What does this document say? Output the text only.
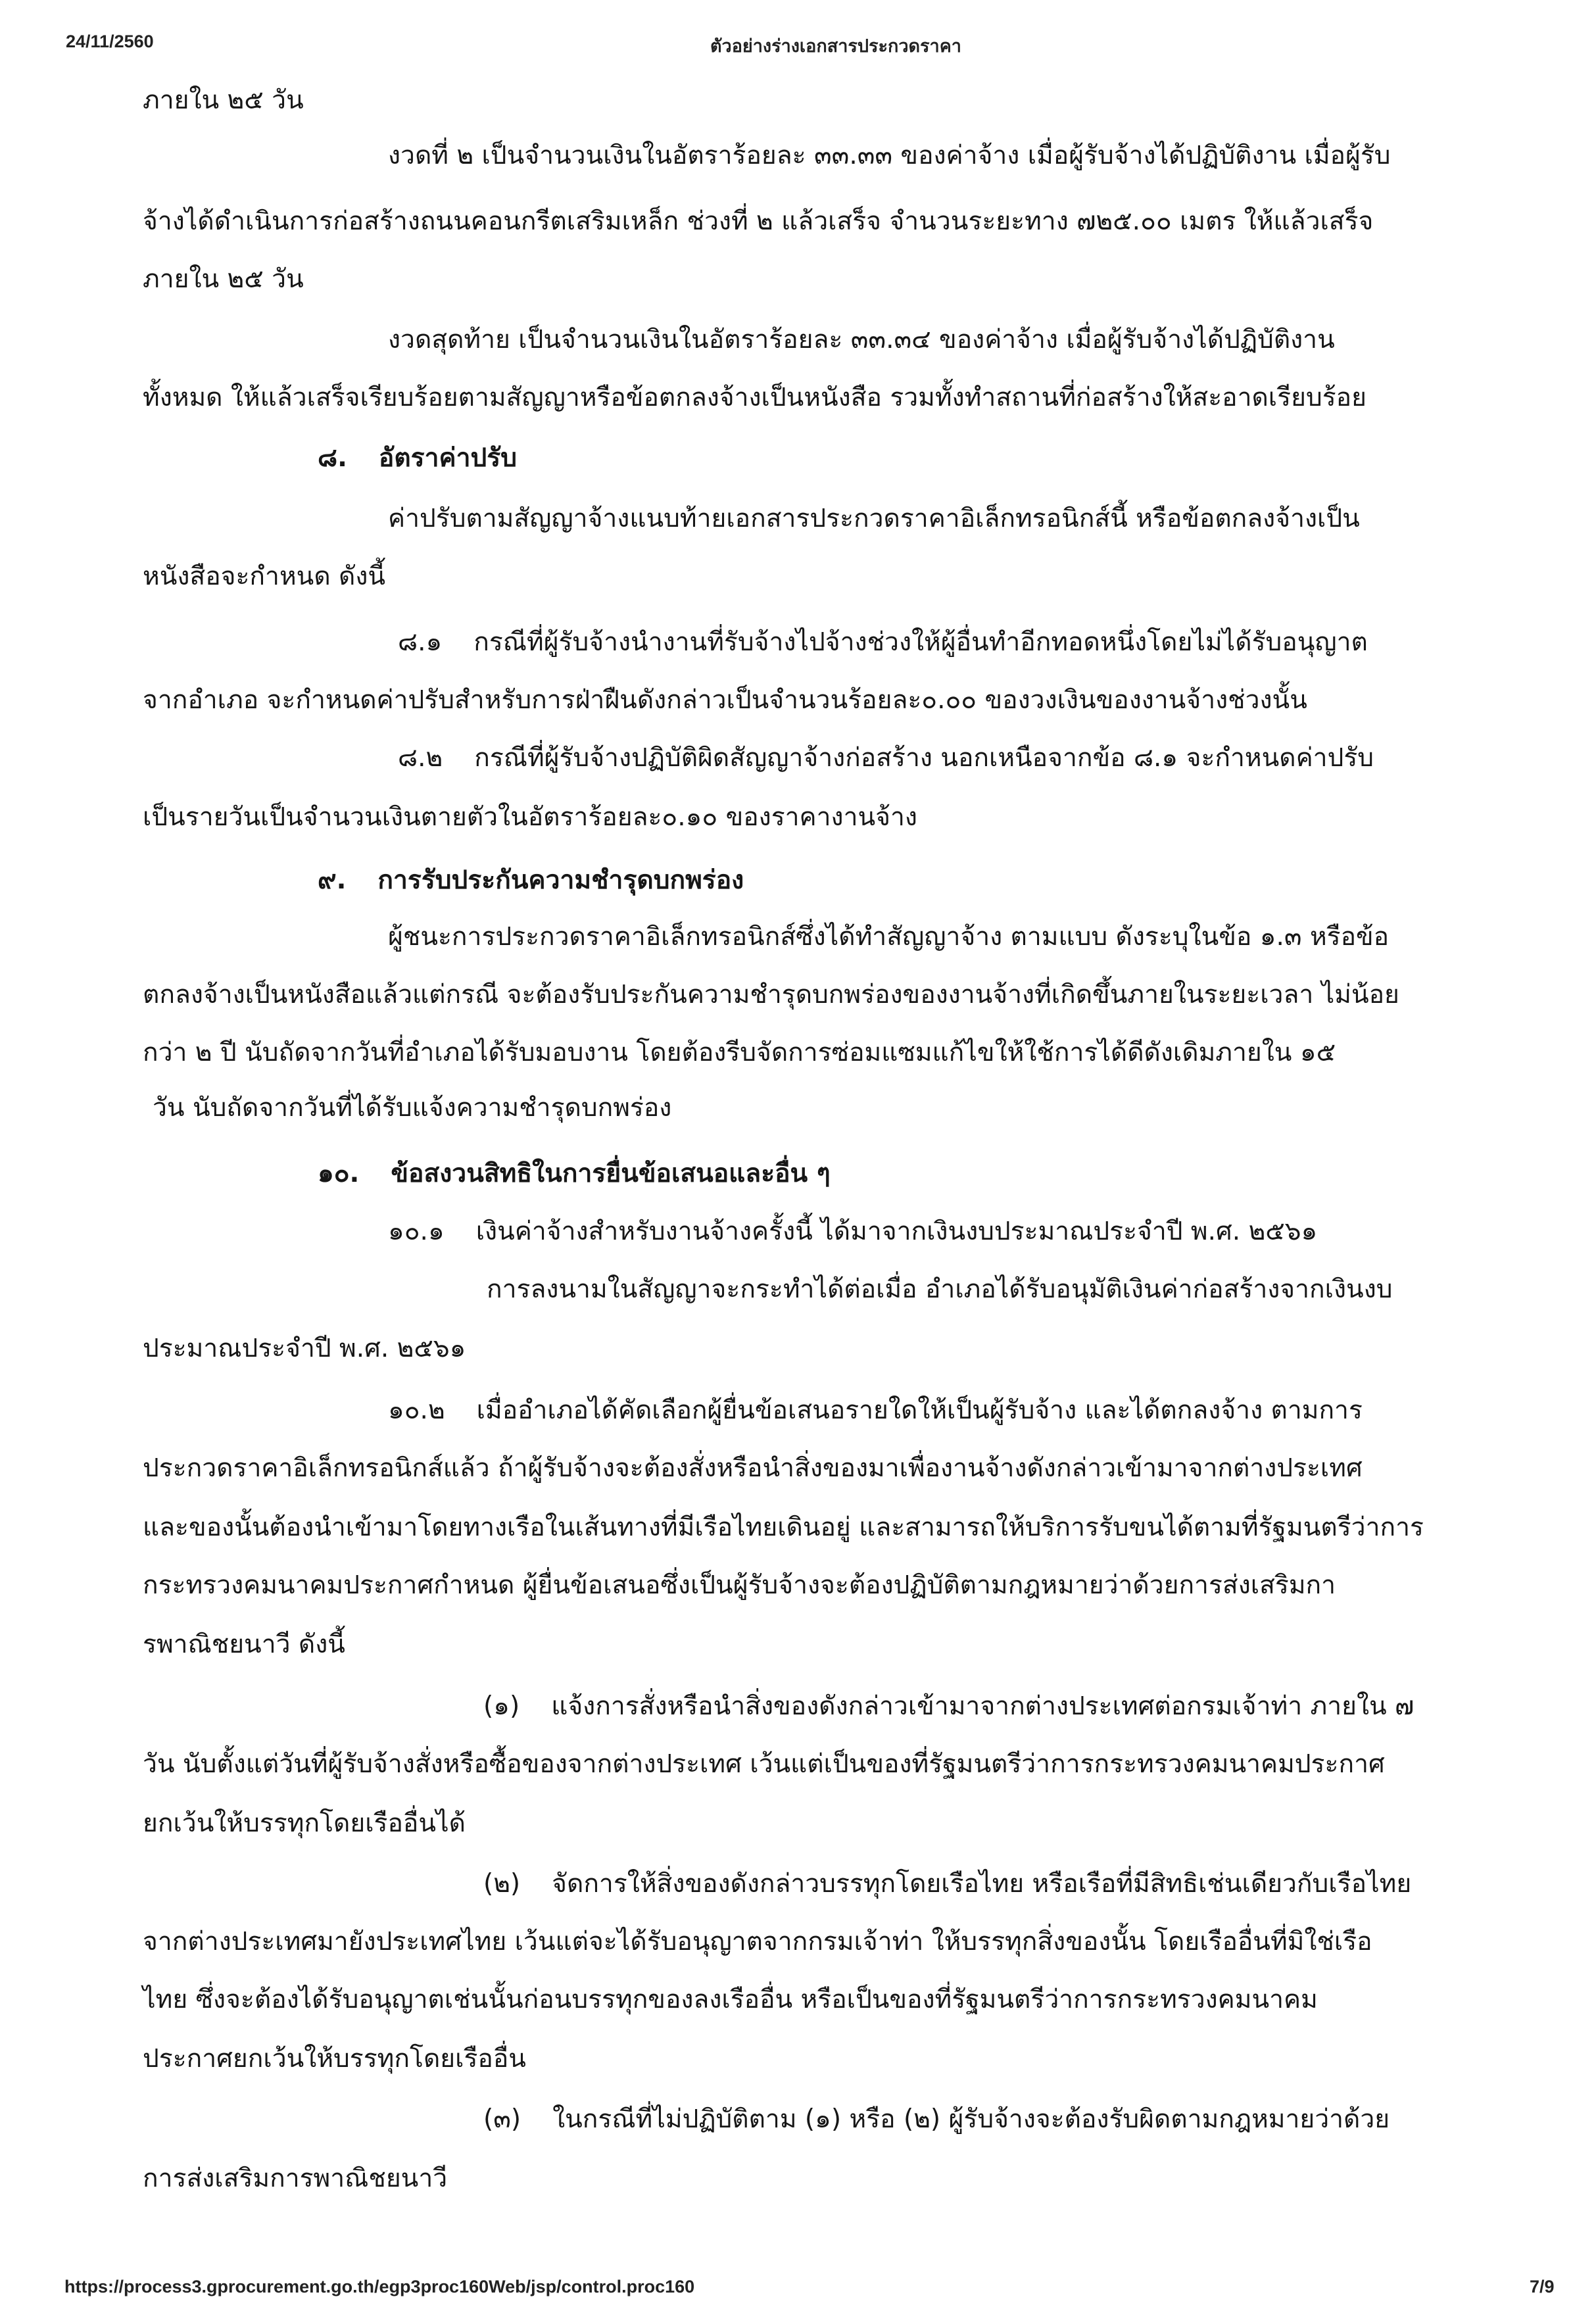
24/11/2560	ตัวอย่างร่างเอกสารประกวดราคา
ภายใน ๒๕ วัน
งวดที่ ๒ เป็นจำนวนเงินในอัตราร้อยละ ๓๓.๓๓ ของค่าจ้าง เมื่อผู้รับจ้างได้ปฏิบัติงาน เมื่อผู้รับ
จ้างได้ดำเนินการก่อสร้างถนนคอนกรีตเสริมเหล็ก ช่วงที่ ๒ แล้วเสร็จ จำนวนระยะทาง ๗๒๕.๐๐ เมตร ให้แล้วเสร็จ
ภายใน ๒๕ วัน
งวดสุดท้าย เป็นจำนวนเงินในอัตราร้อยละ ๓๓.๓๔ ของค่าจ้าง เมื่อผู้รับจ้างได้ปฏิบัติงาน
ทั้งหมด ให้แล้วเสร็จเรียบร้อยตามสัญญาหรือข้อตกลงจ้างเป็นหนังสือ รวมทั้งทำสถานที่ก่อสร้างให้สะอาดเรียบร้อย
๘. อัตราค่าปรับ
ค่าปรับตามสัญญาจ้างแนบท้ายเอกสารประกวดราคาอิเล็กทรอนิกส์นี้ หรือข้อตกลงจ้างเป็น
หนังสือจะกำหนด ดังนี้
๘.๑ กรณีที่ผู้รับจ้างนำงานที่รับจ้างไปจ้างช่วงให้ผู้อื่นทำอีกทอดหนึ่งโดยไม่ได้รับอนุญาต
จากอำเภอ จะกำหนดค่าปรับสำหรับการฝ่าฝืนดังกล่าวเป็นจำนวนร้อยละ๐.๐๐ ของวงเงินของงานจ้างช่วงนั้น
๘.๒ กรณีที่ผู้รับจ้างปฏิบัติผิดสัญญาจ้างก่อสร้าง นอกเหนือจากข้อ ๘.๑ จะกำหนดค่าปรับ
เป็นรายวันเป็นจำนวนเงินตายตัวในอัตราร้อยละ๐.๑๐ ของราคางานจ้าง
๙. การรับประกันความชำรุดบกพร่อง
ผู้ชนะการประกวดราคาอิเล็กทรอนิกส์ซึ่งได้ทำสัญญาจ้าง ตามแบบ ดังระบุในข้อ ๑.๓ หรือข้อ
ตกลงจ้างเป็นหนังสือแล้วแต่กรณี จะต้องรับประกันความชำรุดบกพร่องของงานจ้างที่เกิดขึ้นภายในระยะเวลา ไม่น้อย
กว่า ๒ ปี นับถัดจากวันที่อำเภอได้รับมอบงาน โดยต้องรีบจัดการซ่อมแซมแก้ไขให้ใช้การได้ดีดังเดิมภายใน ๑๕
วัน นับถัดจากวันที่ได้รับแจ้งความชำรุดบกพร่อง
๑๐. ข้อสงวนสิทธิในการยื่นข้อเสนอและอื่น ๆ
๑๐.๑ เงินค่าจ้างสำหรับงานจ้างครั้งนี้ ได้มาจากเงินงบประมาณประจำปี พ.ศ. ๒๕๖๑
การลงนามในสัญญาจะกระทำได้ต่อเมื่อ อำเภอได้รับอนุมัติเงินค่าก่อสร้างจากเงินงบ
ประมาณประจำปี พ.ศ. ๒๕๖๑
๑๐.๒ เมื่ออำเภอได้คัดเลือกผู้ยื่นข้อเสนอรายใดให้เป็นผู้รับจ้าง และได้ตกลงจ้าง ตามการ
ประกวดราคาอิเล็กทรอนิกส์แล้ว ถ้าผู้รับจ้างจะต้องสั่งหรือนำสิ่งของมาเพื่องานจ้างดังกล่าวเข้ามาจากต่างประเทศ
และของนั้นต้องนำเข้ามาโดยทางเรือในเส้นทางที่มีเรือไทยเดินอยู่ และสามารถให้บริการรับขนได้ตามที่รัฐมนตรีว่าการ
กระทรวงคมนาคมประกาศกำหนด ผู้ยื่นข้อเสนอซึ่งเป็นผู้รับจ้างจะต้องปฏิบัติตามกฎหมายว่าด้วยการส่งเสริมกา
รพาณิชยนาวี ดังนี้
(๑) แจ้งการสั่งหรือนำสิ่งของดังกล่าวเข้ามาจากต่างประเทศต่อกรมเจ้าท่า ภายใน ๗
วัน นับตั้งแต่วันที่ผู้รับจ้างสั่งหรือซื้อของจากต่างประเทศ เว้นแต่เป็นของที่รัฐมนตรีว่าการกระทรวงคมนาคมประกาศ
ยกเว้นให้บรรทุกโดยเรืออื่นได้
(๒) จัดการให้สิ่งของดังกล่าวบรรทุกโดยเรือไทย หรือเรือที่มีสิทธิเช่นเดียวกับเรือไทย
จากต่างประเทศมายังประเทศไทย เว้นแต่จะได้รับอนุญาตจากกรมเจ้าท่า ให้บรรทุกสิ่งของนั้น โดยเรืออื่นที่มิใช่เรือ
ไทย ซึ่งจะต้องได้รับอนุญาตเช่นนั้นก่อนบรรทุกของลงเรืออื่น หรือเป็นของที่รัฐมนตรีว่าการกระทรวงคมนาคม
ประกาศยกเว้นให้บรรทุกโดยเรืออื่น
(๓) ในกรณีที่ไม่ปฏิบัติตาม (๑) หรือ (๒) ผู้รับจ้างจะต้องรับผิดตามกฎหมายว่าด้วย
การส่งเสริมการพาณิชยนาวี
https://process3.gprocurement.go.th/egp3proc160Web/jsp/control.proc160	7/9
